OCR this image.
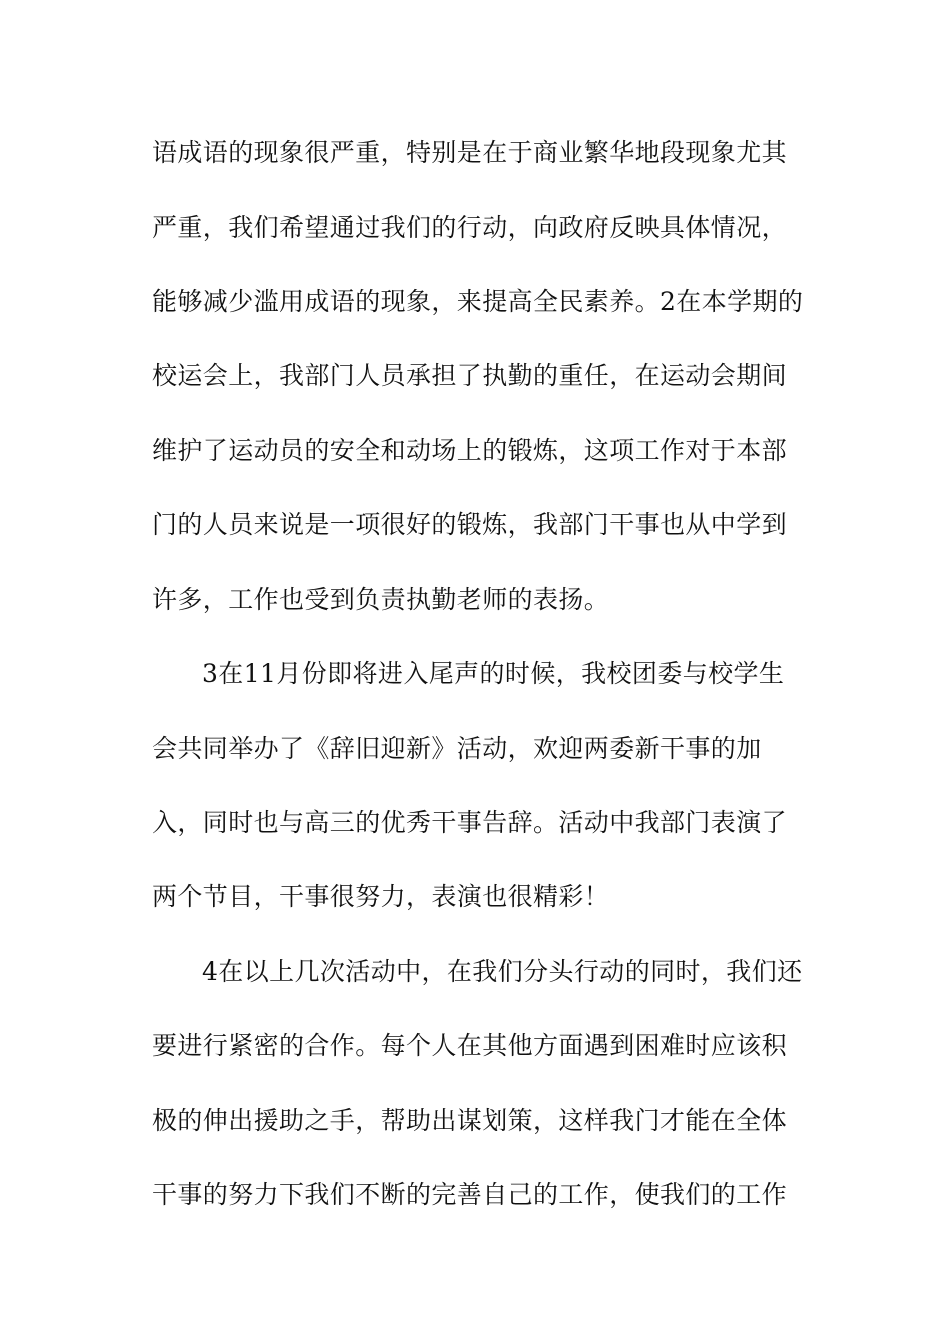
语成语的现象很严重，特别是在于商业繁华地段现象尤其
严重，我们希望通过我们的行动，向政府反映具体情况，
能够减少滥用成语的现象，来提高全民素养。2在本学期的
校运会上，我部门人员承担了执勤的重任，在运动会期间
维护了运动员的安全和动场上的锻炼，这项工作对于本部
门的人员来说是一项很好的锻炼，我部门干事也从中学到
许多，工作也受到负责执勤老师的表扬。
3在11月份即将进入尾声的时候，我校团委与校学生
会共同举办了《辞旧迎新》活动，欢迎两委新干事的加
入，同时也与高三的优秀干事告辞。活动中我部门表演了
两个节目，干事很努力，表演也很精彩！
4在以上几次活动中，在我们分头行动的同时，我们还
要进行紧密的合作。每个人在其他方面遇到困难时应该积
极的伸出援助之手，帮助出谋划策，这样我门才能在全体
干事的努力下我们不断的完善自己的工作，使我们的工作
